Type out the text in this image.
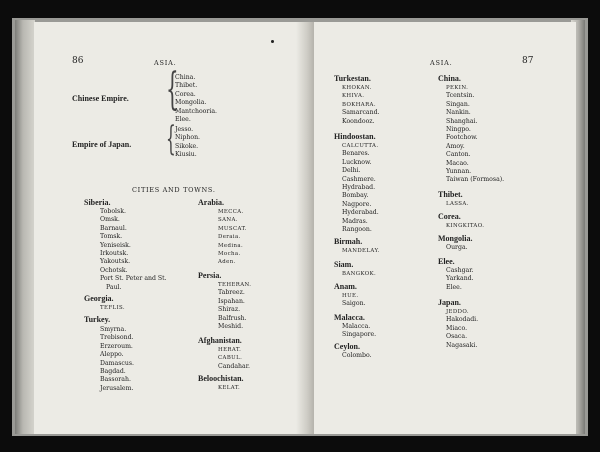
86	ASIA.
Chinese Empire. {
China.
Thibet.
Corea.
Mongolia.
Mantchooria.
Elee.
Empire of Japan. { Jesso.
Niphon.
Sikoke.
Kiusiu.
CITIES AND TOWNS.
Siberia.
Tobolsk.
Omsk.
Barnaul.
Tomsk.
Yeniseisk.
Irkoutsk.
Yakoutsk.
Ochotsk.
Port St. Peter and St.
Paul.
Georgia.
TEFLIS.
Turkey.
Smyrna.
Trebisond.
Erzeroum.
Aleppo.
Damascus.
Bagdad.
Bassorah.
Jerusalem.
Arabia.
MECCA.
SANA.
MUSCAT.
Deraia.
Medina.
Mocha.
Aden.
Persia.
TEHERAN.
Tabreez.
Ispahan.
Shiraz.
Balfrush.
Meshid.
Afghanistan.
HERAT.
CABUL.
Candahar.
Beloochistan.
KELAT.
ASIA.	87
Turkestan.
KHOKAN.
KHIVA.
BOKHARA.
Samarcand.
Koondooz.
Hindoostan.
CALCUTTA.
Benares.
Lucknow.
Delhi.
Cashmere.
Hydrabad.
Bombay.
Nagpore.
Hyderabad.
Madras.
Rangoon.
Birmah.
MANDELAY.
Siam.
BANGKOK.
Anam.
HUE.
Saigon.
Malacca.
Malacca.
Singapore.
Ceylon.
Colombo.
China.
PEKIN.
Tcentsin.
Singan.
Nankin.
Shanghai.
Ningpo.
Footchow.
Amoy.
Canton.
Macao.
Yunnan.
Taiwan (Formosa).
Thibet.
LASSA.
Corea.
KINGKITAO.
Mongolia.
Ourga.
Elee.
Cashgar.
Yarkand.
Elee.
Japan.
JEDDO.
Hakodadi.
Miaco.
Osaca.
Nagasaki.
